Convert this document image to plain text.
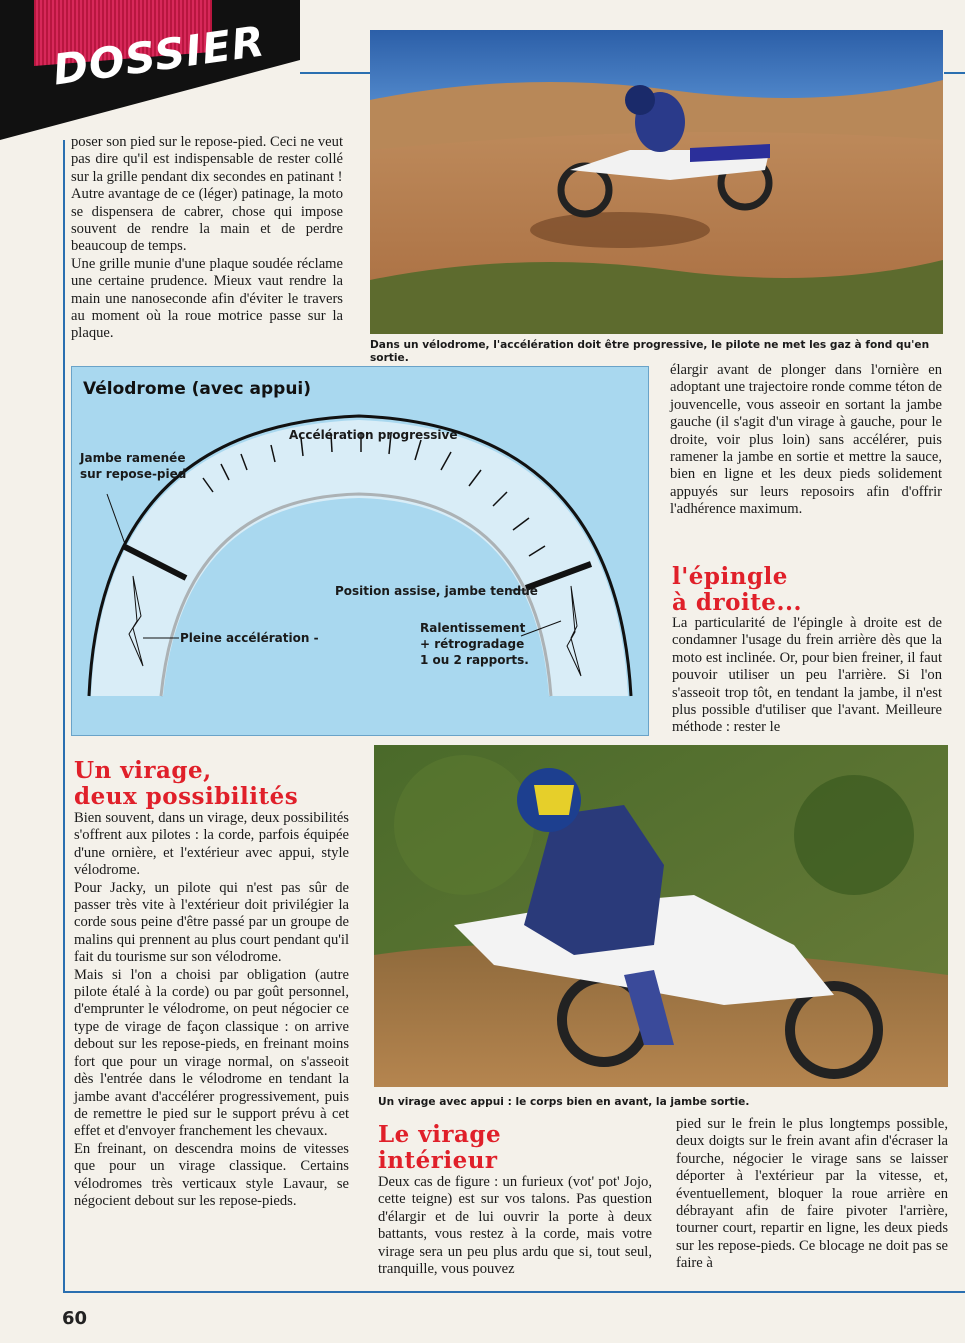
DOSSIER
poser son pied sur le repose-pied. Ceci ne veut pas dire qu'il est indispensable de rester collé sur la grille pendant dix secondes en patinant !
Autre avantage de ce (léger) patinage, la moto se dispensera de cabrer, chose qui impose souvent de rendre la main et de perdre beaucoup de temps.
Une grille munie d'une plaque soudée réclame une certaine prudence. Mieux vaut rendre la main une nanoseconde afin d'éviter le travers au moment où la roue motrice passe sur la plaque.
Dans un vélodrome, l'accélération doit être progressive, le pilote ne met les gaz à fond qu'en sortie.
Vélodrome (avec appui)
Accélération progressive
Jambe ramenée
sur repose-pied
Position assise, jambe tendue
Pleine accélération -
Ralentissement
+ rétrogradage
1 ou 2 rapports.
élargir avant de plonger dans l'ornière en adoptant une trajectoire ronde comme téton de jouvencelle, vous asseoir en sortant la jambe gauche (il s'agit d'un virage à gauche, pour le droite, voir plus loin) sans accélérer, puis ramener la jambe en sortie et mettre la sauce, bien en ligne et les deux pieds solidement appuyés sur leurs reposoirs afin d'offrir l'adhérence maximum.
l'épingle
à droite...
La particularité de l'épingle à droite est de condamner l'usage du frein arrière dès que la moto est inclinée. Or, pour bien freiner, il faut pouvoir utiliser un peu l'arrière. Si l'on s'asseoit trop tôt, en tendant la jambe, il n'est plus possible d'utiliser que l'avant. Meilleure méthode : rester le
Un virage,
deux possibilités
Bien souvent, dans un virage, deux possibilités s'offrent aux pilotes : la corde, parfois équipée d'une ornière, et l'extérieur avec appui, style vélodrome.
Pour Jacky, un pilote qui n'est pas sûr de passer très vite à l'extérieur doit privilégier la corde sous peine d'être passé par un groupe de malins qui prennent au plus court pendant qu'il fait du tourisme sur son vélodrome.
Mais si l'on a choisi par obligation (autre pilote étalé à la corde) ou par goût personnel, d'emprunter le vélodrome, on peut négocier ce type de virage de façon classique : on arrive debout sur les repose-pieds, en freinant moins fort que pour un virage normal, on s'asseoit dès l'entrée dans le vélodrome en tendant la jambe avant d'accélérer progressivement, puis de remettre le pied sur le support prévu à cet effet et d'envoyer franchement les chevaux.
En freinant, on descendra moins de vitesses que pour un virage classique. Certains vélodromes très verticaux style Lavaur, se négocient debout sur les repose-pieds.
Un virage avec appui : le corps bien en avant, la jambe sortie.
Le virage
intérieur
Deux cas de figure : un furieux (vot' pot' Jojo, cette teigne) est sur vos talons. Pas question d'élargir et de lui ouvrir la porte à deux battants, vous restez à la corde, mais votre virage sera un peu plus ardu que si, tout seul, tranquille, vous pouvez
pied sur le frein le plus longtemps possible, deux doigts sur le frein avant afin d'écraser la fourche, négocier le virage sans se laisser déporter à l'extérieur par la vitesse, et, éventuellement, bloquer la roue arrière en débrayant afin de faire pivoter l'arrière, tourner court, repartir en ligne, les deux pieds sur les repose-pieds. Ce blocage ne doit pas se faire à
60
